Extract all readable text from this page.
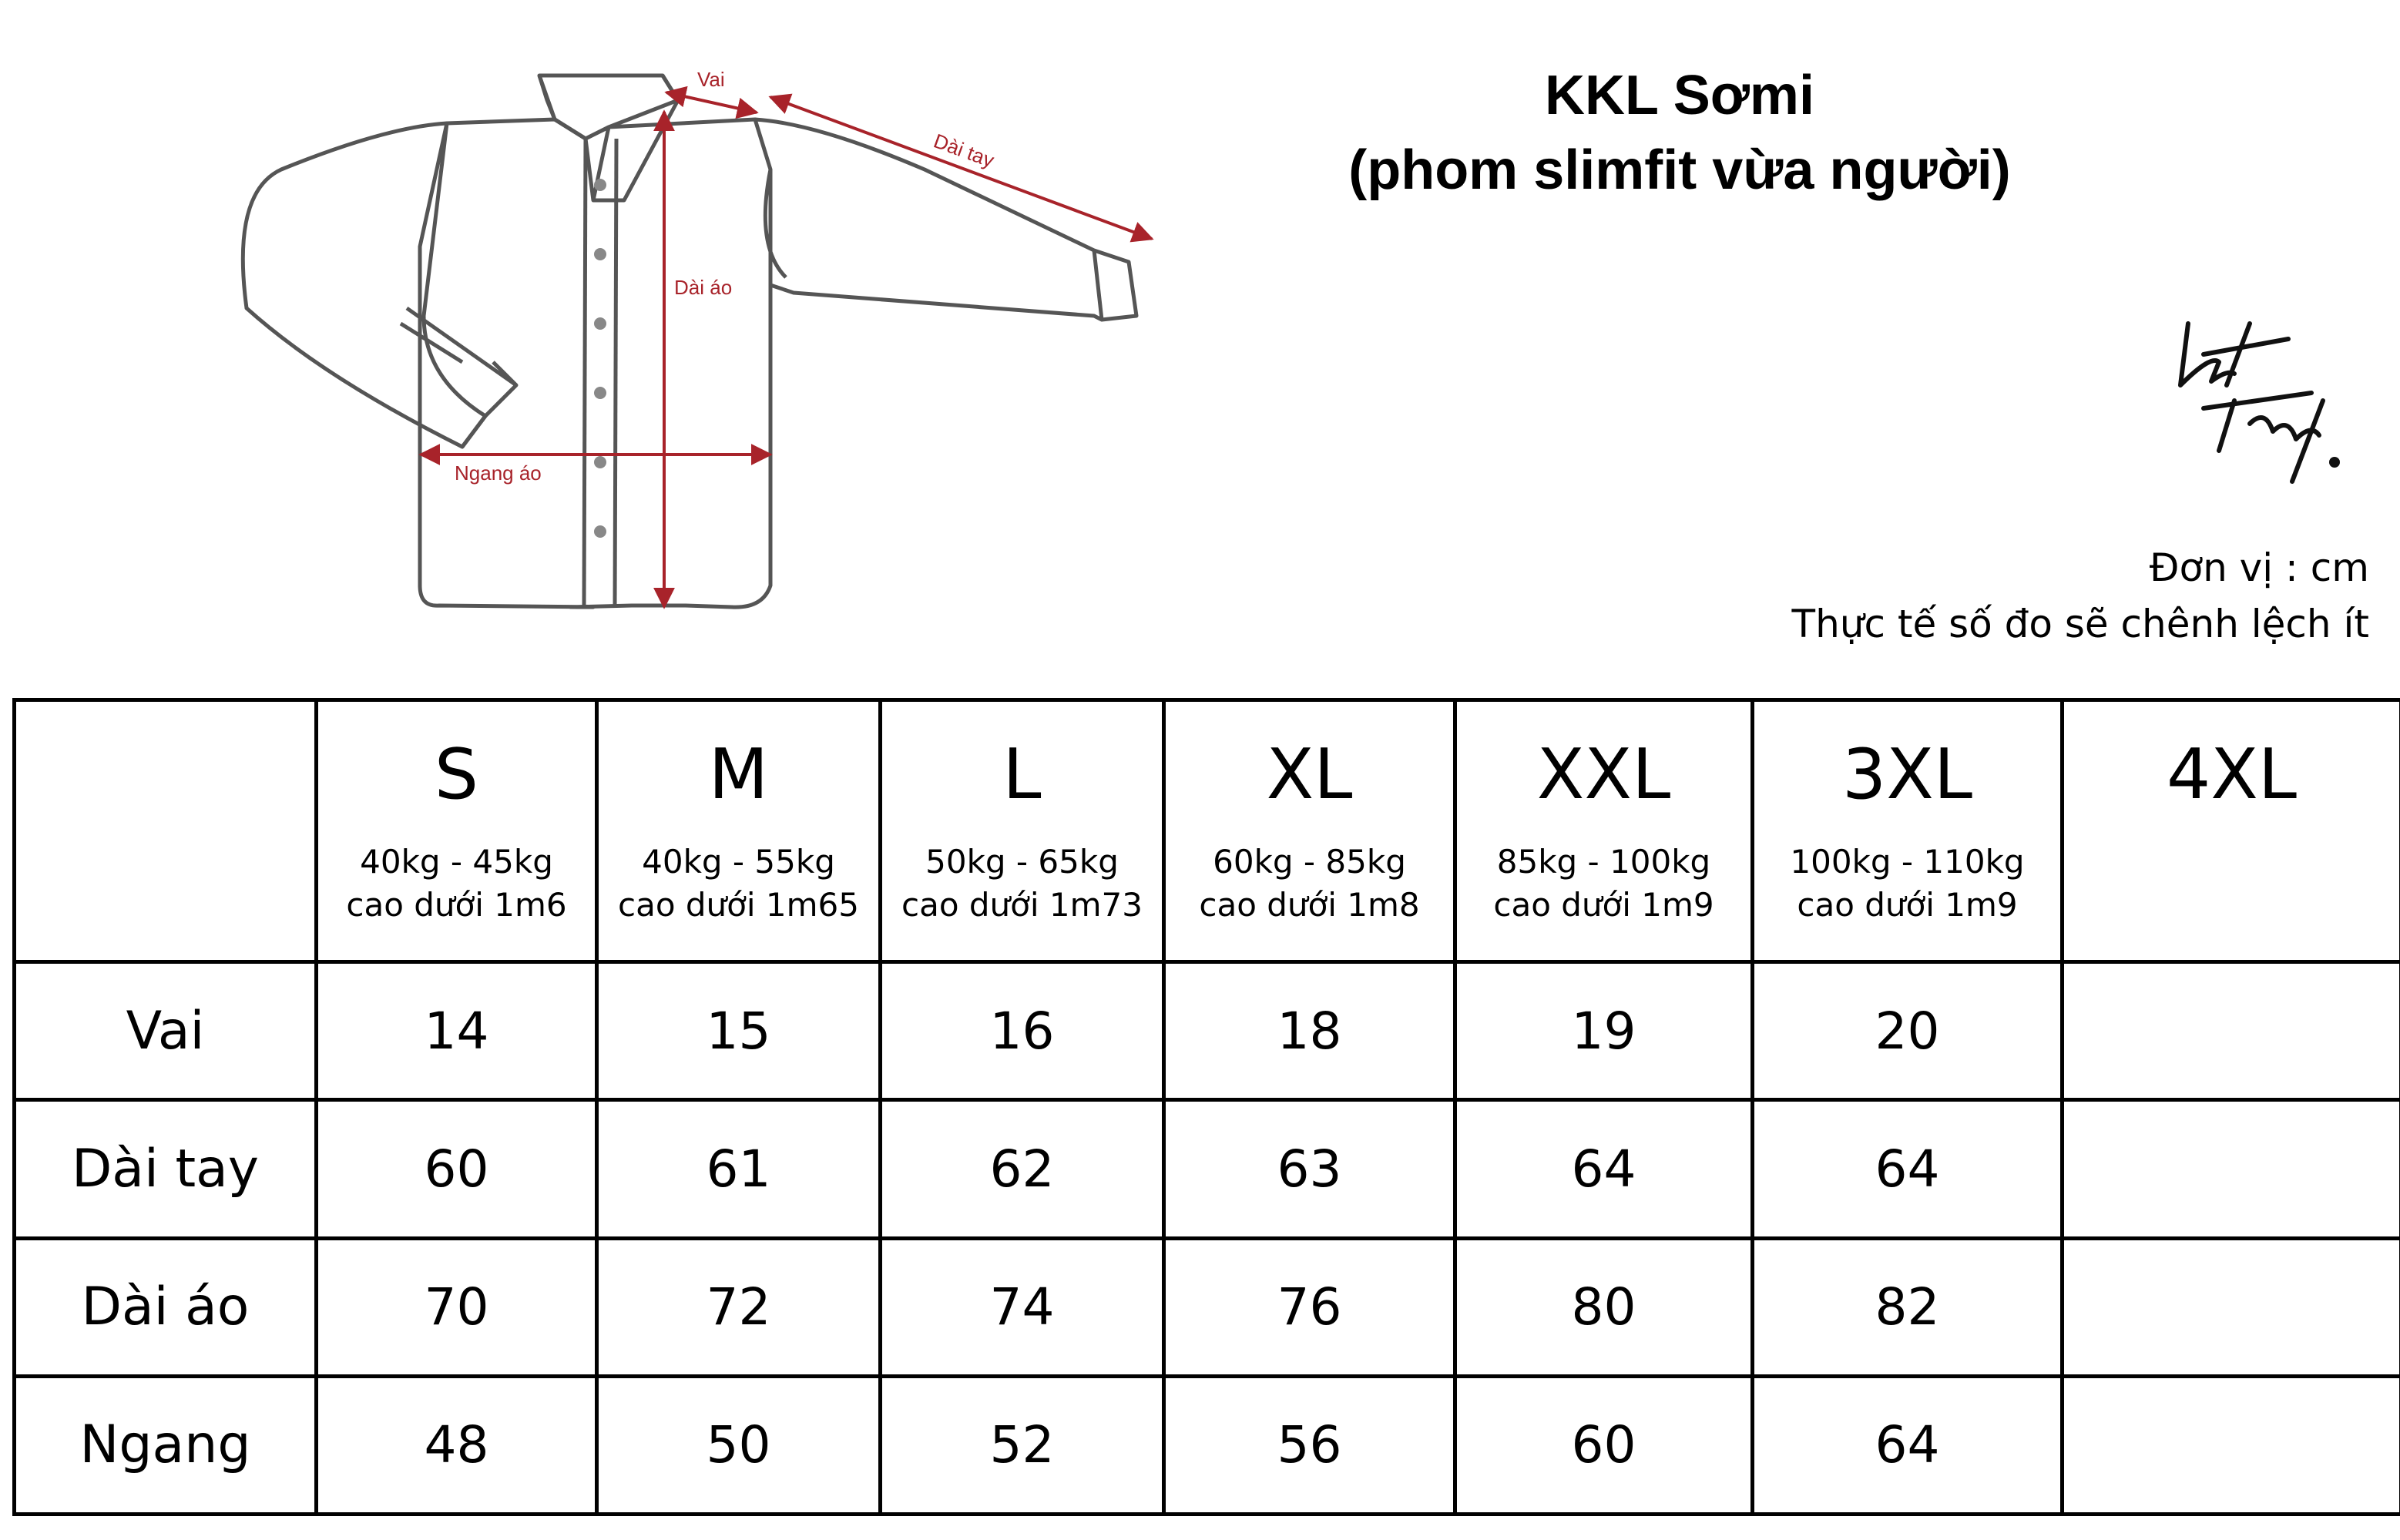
Vai
Dài tay
Dài áo
Ngang áo
KKL Sơmi
(phom slimfit vừa người)
Đơn vị : cm
Thực tế số đo sẽ chênh lệch ít

	S
40kg - 45kg
cao dưới 1m6	M
40kg - 55kg
cao dưới 1m65	L
50kg - 65kg
cao dưới 1m73	XL
60kg - 85kg
cao dưới 1m8	XXL
85kg - 100kg
cao dưới 1m9	3XL
100kg - 110kg
cao dưới 1m9	4XL

Vai	14	15	16	18	19	20	
Dài tay	60	61	62	63	64	64	
Dài áo	70	72	74	76	80	82	
Ngang	48	50	52	56	60	64	
